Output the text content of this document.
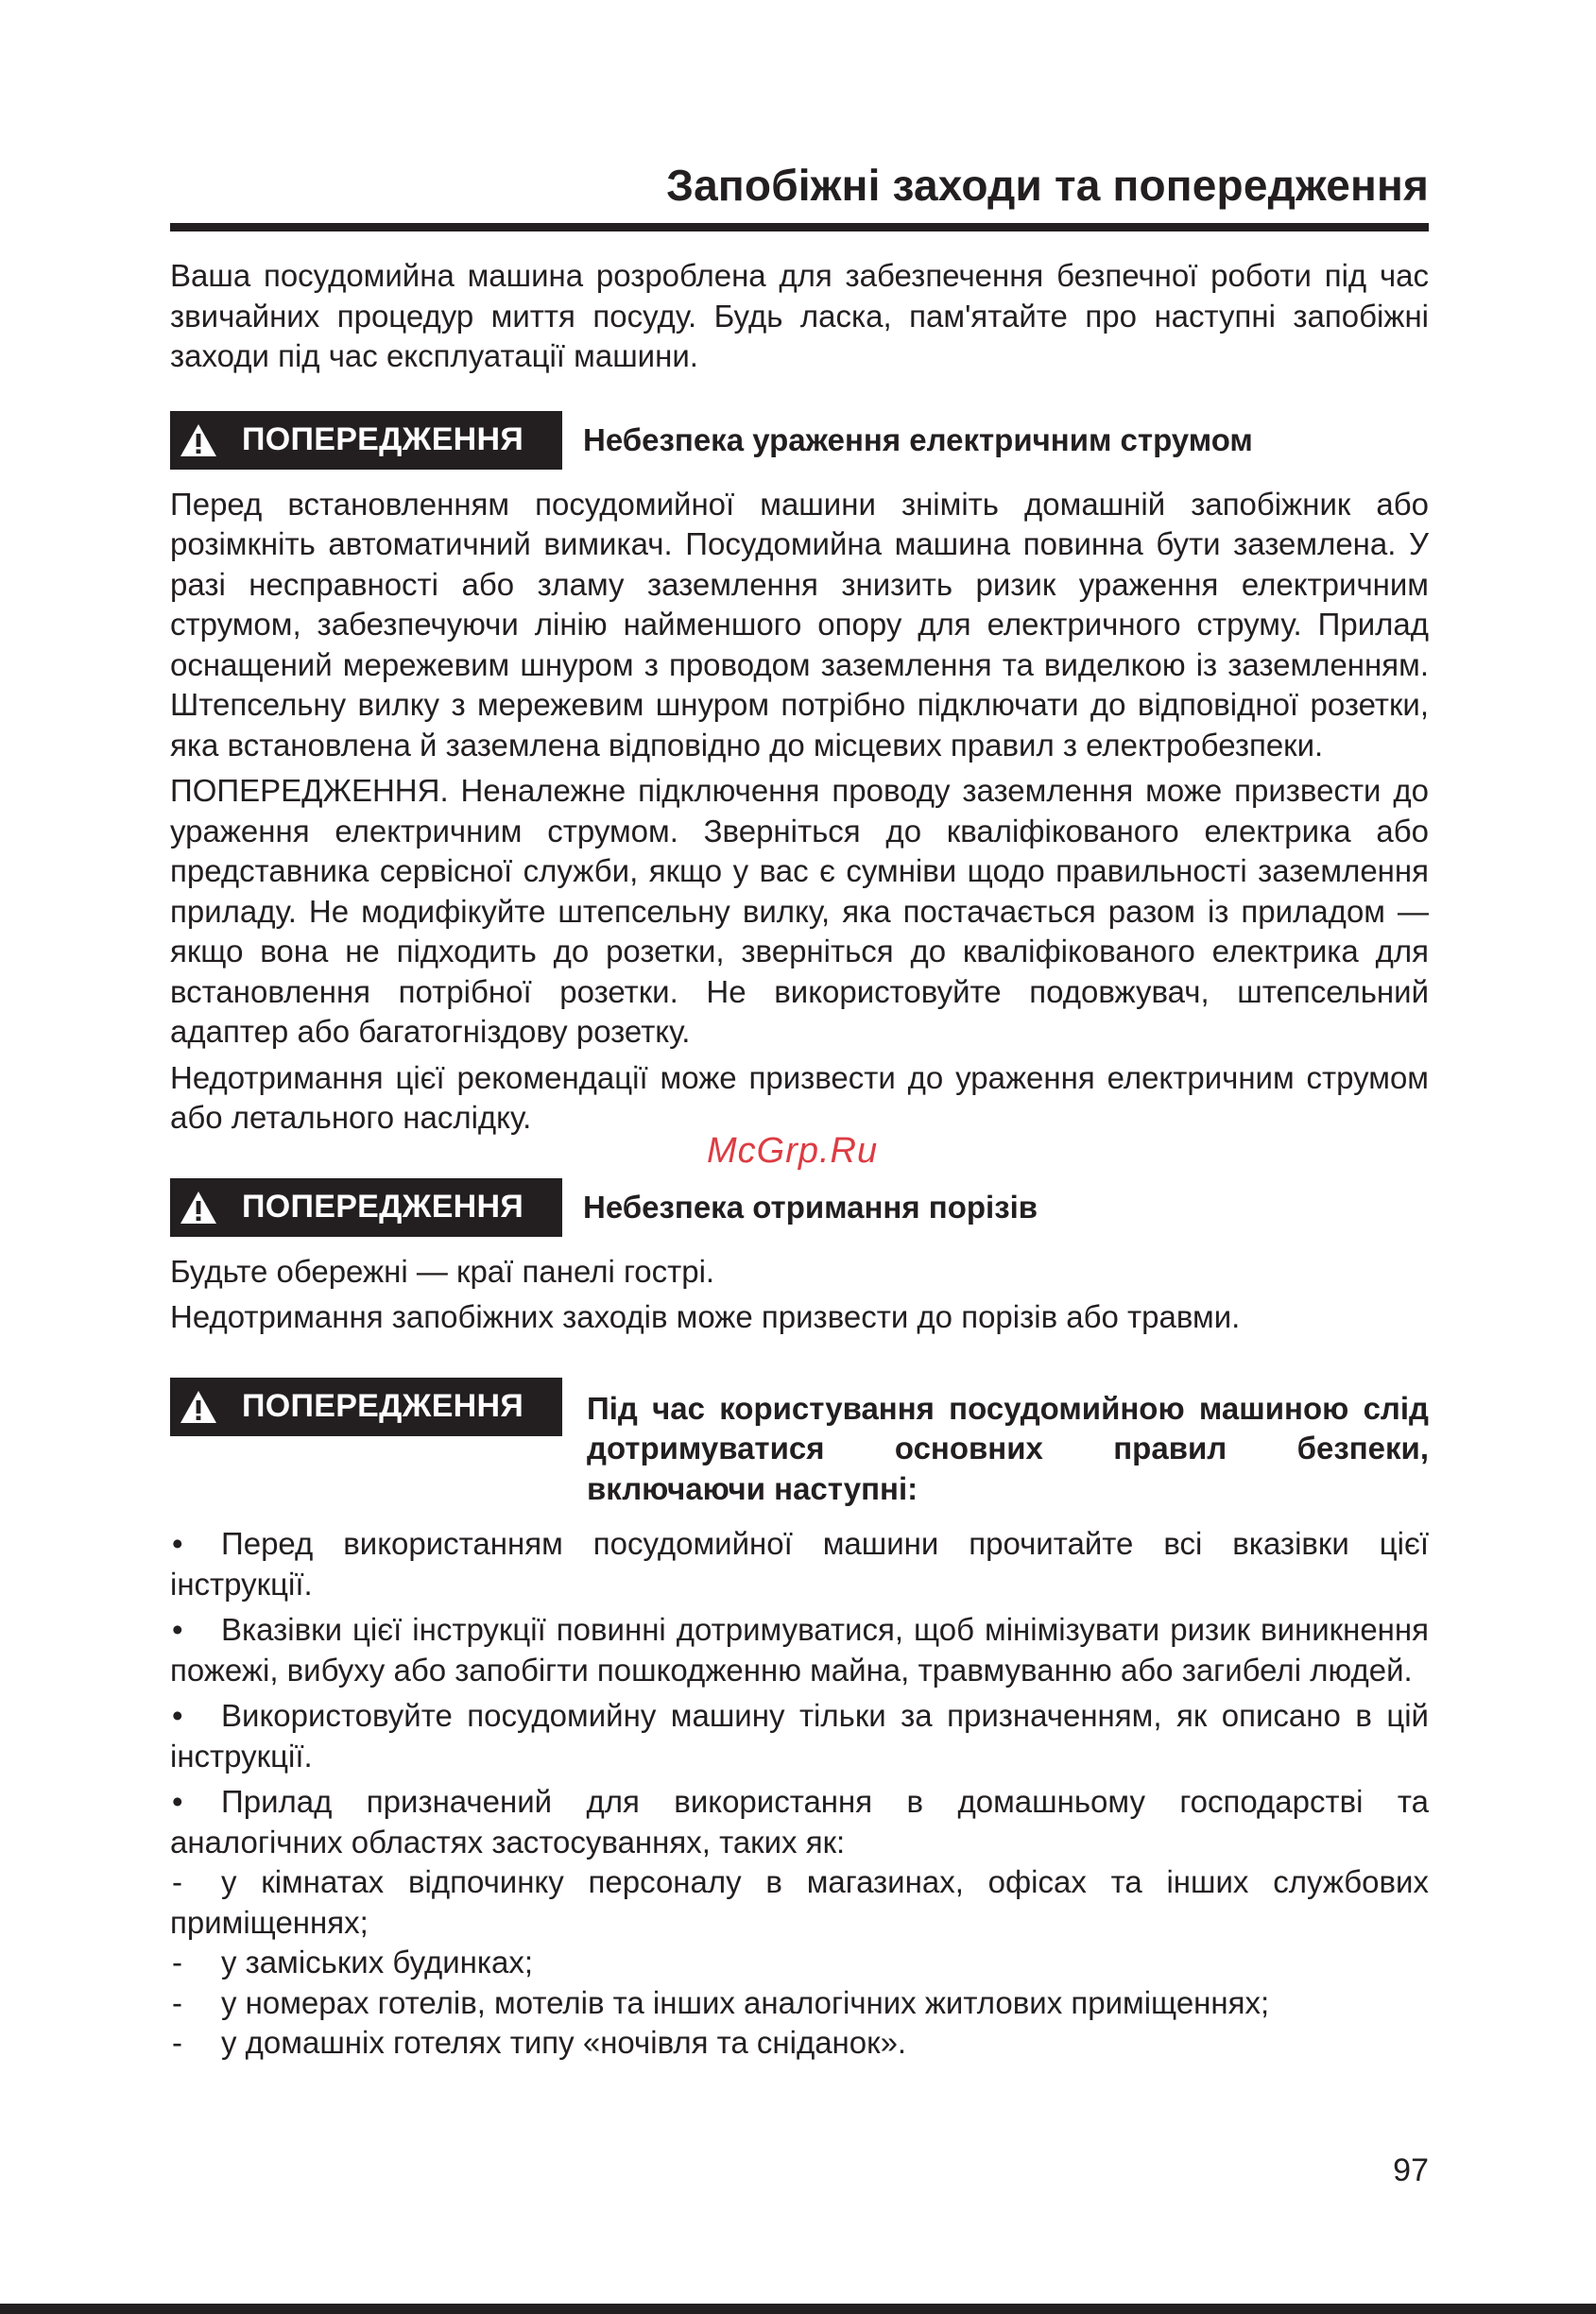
Запобіжні заходи та попередження

Ваша посудомийна машина розроблена для забезпечення безпечної роботи під час звичайних процедур миття посуду. Будь ласка, пам'ятайте про наступні запобіжні заходи під час експлуатації машини.

ПОПЕРЕДЖЕННЯ	Небезпека ураження електричним струмом

Перед встановленням посудомийної машини зніміть домашній запобіжник або розімкніть автоматичний вимикач. Посудомийна машина повинна бути заземлена. У разі несправності або зламу заземлення знизить ризик ураження електричним струмом, забезпечуючи лінію найменшого опору для електричного струму. Прилад оснащений мережевим шнуром з проводом заземлення та виделкою із заземленням. Штепсельну вилку з мережевим шнуром потрібно підключати до відповідної розетки, яка встановлена й заземлена відповідно до місцевих правил з електробезпеки.

ПОПЕРЕДЖЕННЯ. Неналежне підключення проводу заземлення може призвести до ураження електричним струмом. Зверніться до кваліфікованого електрика або представника сервісної служби, якщо у вас є сумніви щодо правильності заземлення приладу. Не модифікуйте штепсельну вилку, яка постачається разом із приладом — якщо вона не підходить до розетки, зверніться до кваліфікованого електрика для встановлення потрібної розетки. Не використовуйте подовжувач, штепсельний адаптер або багатогніздову розетку.

Недотримання цієї рекомендації може призвести до ураження електричним струмом або летального наслідку.

ПОПЕРЕДЖЕННЯ	Небезпека отримання порізів

Будьте обережні — краї панелі гострі.

Недотримання запобіжних заходів може призвести до порізів або травми.

ПОПЕРЕДЖЕННЯ	Під час користування посудомийною машиною слід дотримуватися основних правил безпеки, включаючи наступні:

• Перед використанням посудомийної машини прочитайте всі вказівки цієї інструкції.

• Вказівки цієї інструкції повинні дотримуватися, щоб мінімізувати ризик виникнення пожежі, вибуху або запобігти пошкодженню майна, травмуванню або загибелі людей.

• Використовуйте посудомийну машину тільки за призначенням, як описано в цій інструкції.

• Прилад призначений для використання в домашньому господарстві та аналогічних областях застосуваннях, таких як:

- у кімнатах відпочинку персоналу в магазинах, офісах та інших службових приміщеннях;

- у заміських будинках;

- у номерах готелів, мотелів та інших аналогічних житлових приміщеннях;

- у домашніх готелях типу «ночівля та сніданок».

McGrp.Ru
97
